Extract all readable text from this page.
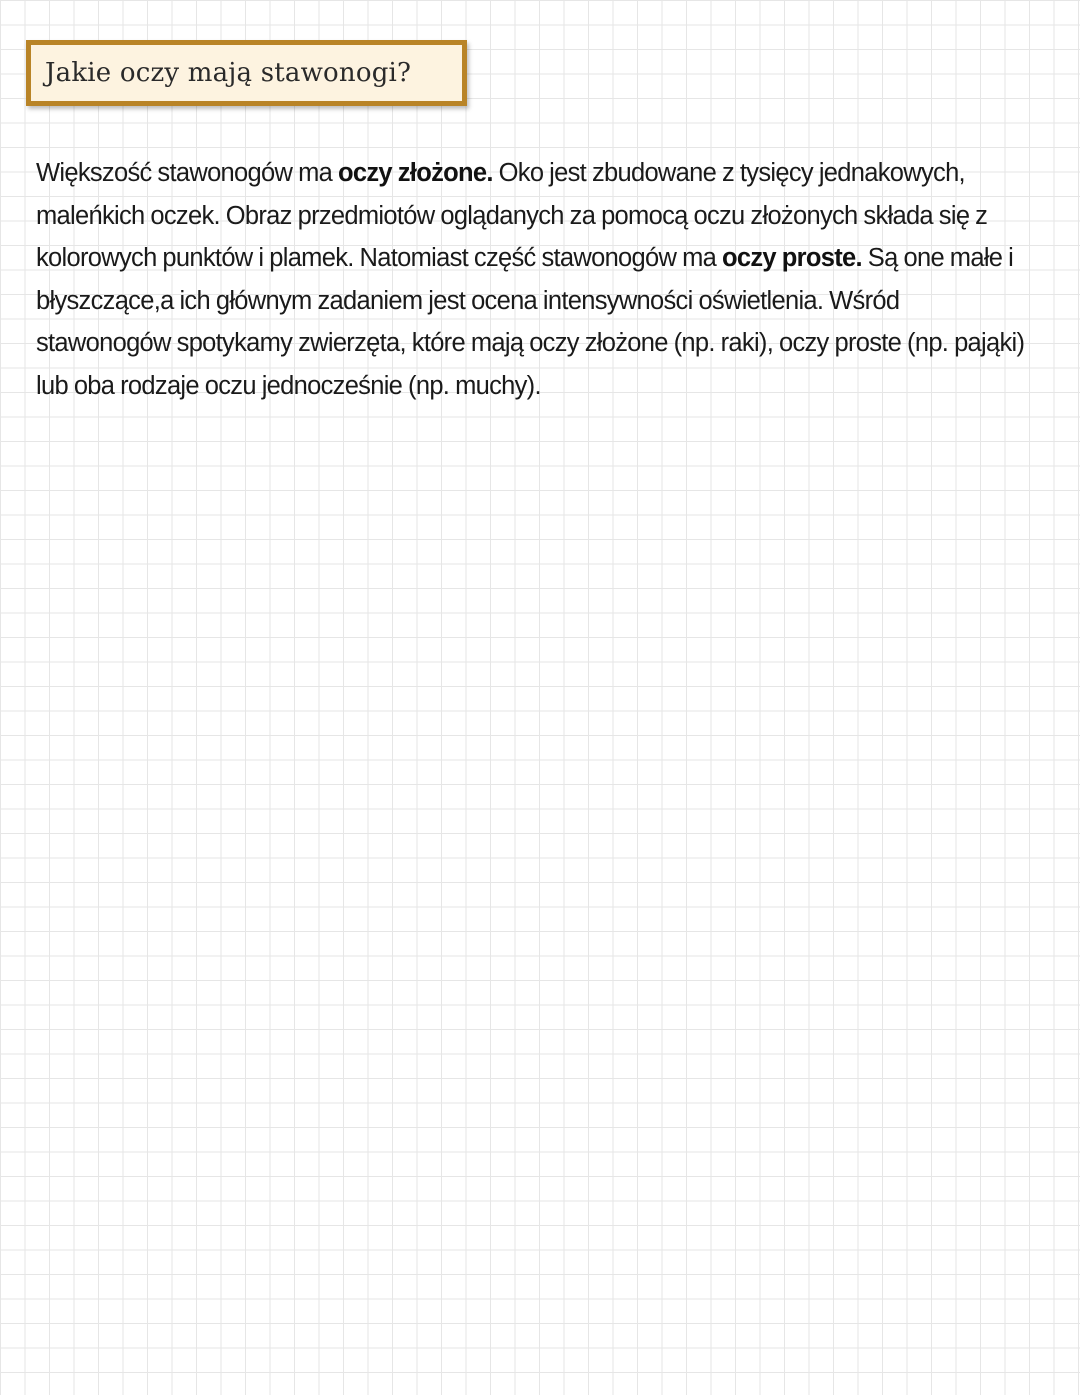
Jakie oczy mają stawonogi?
Większość stawonogów ma oczy złożone. Oko jest zbudowane z tysięcy jednakowych,
maleńkich oczek. Obraz przedmiotów oglądanych za pomocą oczu złożonych składa się z
kolorowych punktów i plamek. Natomiast część stawonogów ma oczy proste. Są one małe i
błyszczące,a ich głównym zadaniem jest ocena intensywności oświetlenia. Wśród
stawonogów spotykamy zwierzęta, które mają oczy złożone (np. raki), oczy proste (np. pająki)
lub oba rodzaje oczu jednocześnie (np. muchy).
